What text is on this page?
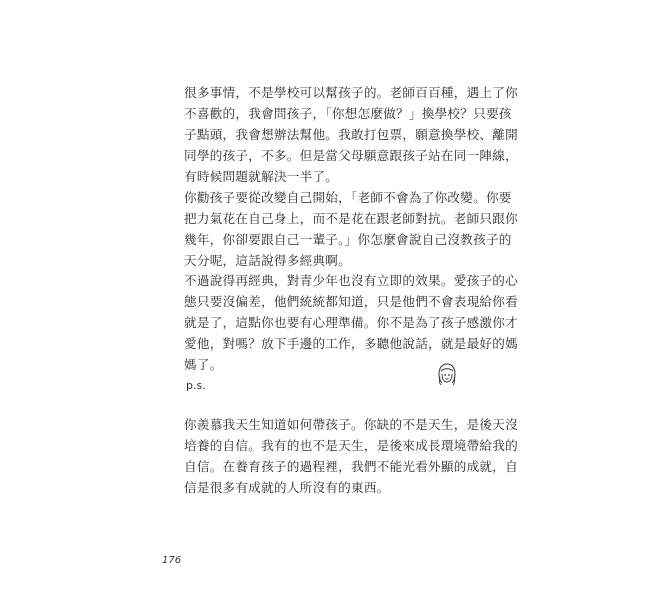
很多事情，不是學校可以幫孩子的。老師百百種，遇上了你
不喜歡的，我會問孩子，「你想怎麼做？」換學校？只要孩
子點頭，我會想辦法幫他。我敢打包票，願意換學校、離開
同學的孩子，不多。但是當父母願意跟孩子站在同一陣線，
有時候問題就解決一半了。
你勸孩子要從改變自己開始，「老師不會為了你改變。你要
把力氣花在自己身上，而不是花在跟老師對抗。老師只跟你
幾年，你卻要跟自己一輩子。」你怎麼會說自己沒教孩子的
天分呢，這話說得多經典啊。
不過說得再經典，對青少年也沒有立即的效果。愛孩子的心
態只要沒偏差，他們統統都知道，只是他們不會表現給你看
就是了，這點你也要有心理準備。你不是為了孩子感激你才
愛他，對嗎？放下手邊的工作，多聽他說話，就是最好的媽
媽了。
p.s.
你羨慕我天生知道如何帶孩子。你缺的不是天生，是後天沒
培養的自信。我有的也不是天生，是後來成長環境帶給我的
自信。在養育孩子的過程裡，我們不能光看外顯的成就，自
信是很多有成就的人所沒有的東西。
176
